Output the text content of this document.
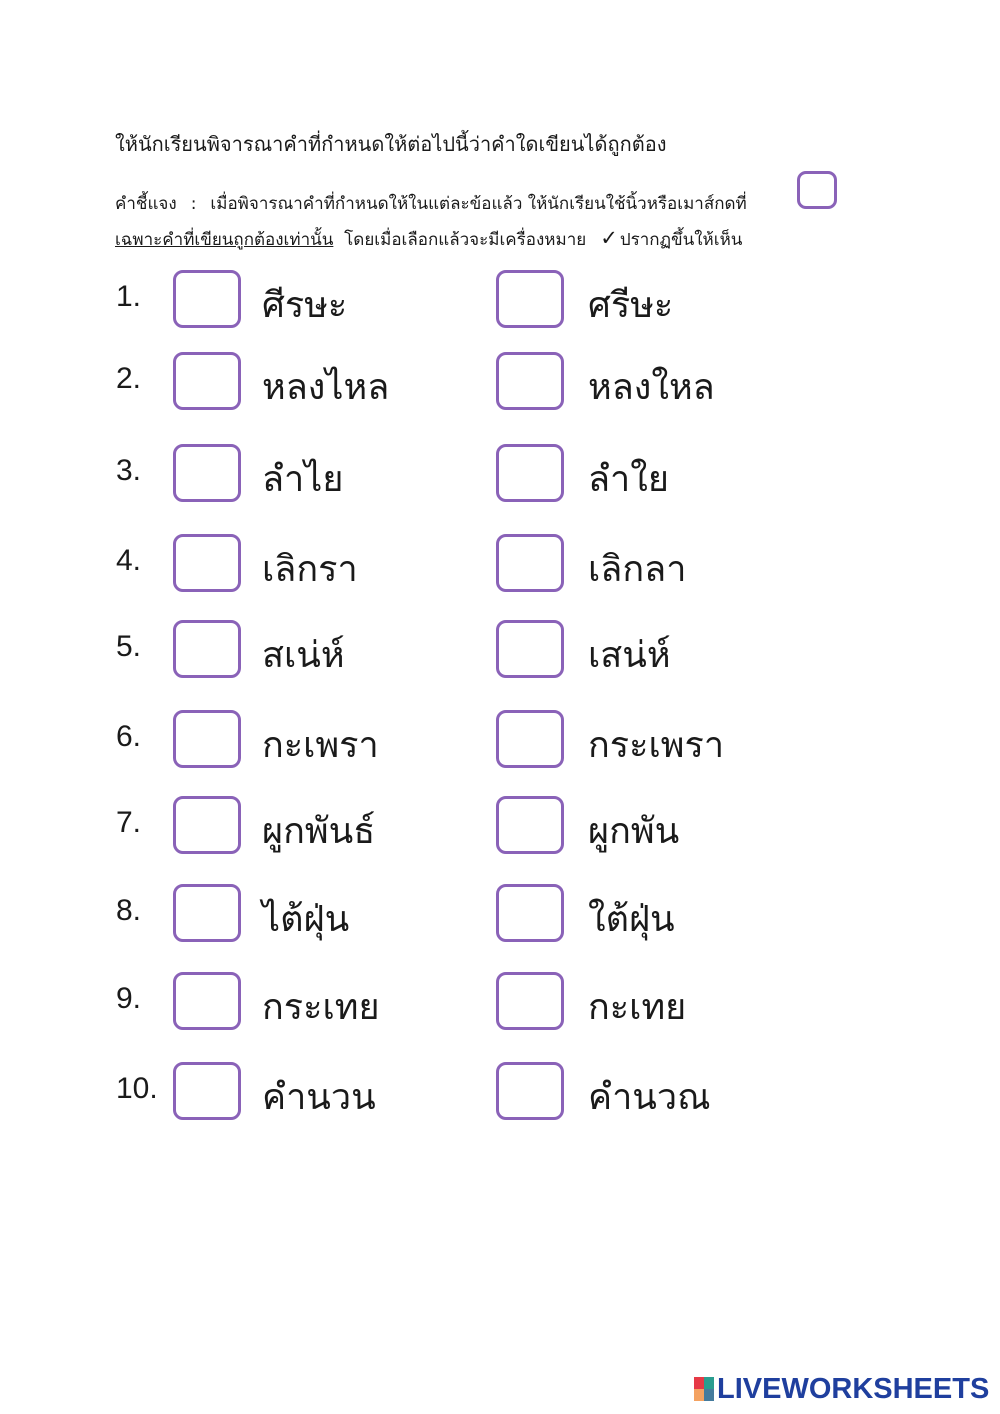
ให้นักเรียนพิจารณาคำที่กำหนดให้ต่อไปนี้ว่าคำใดเขียนได้ถูกต้อง
คำชี้แจง : เมื่อพิจารณาคำที่กำหนดให้ในแต่ละข้อแล้ว ให้นักเรียนใช้นิ้วหรือเมาส์กดที่
เฉพาะคำที่เขียนถูกต้องเท่านั้น โดยเมื่อเลือกแล้วจะมีเครื่องหมาย ✓ ปรากฏขึ้นให้เห็น
1.	ศีรษะ	ศรีษะ
2.	หลงไหล	หลงใหล
3.	ลำไย	ลำใย
4.	เลิกรา	เลิกลา
5.	สเน่ห์	เสน่ห์
6.	กะเพรา	กระเพรา
7.	ผูกพันธ์	ผูกพัน
8.	ไต้ฝุ่น	ใต้ฝุ่น
9.	กระเทย	กะเทย
10.	คำนวน	คำนวณ
LIVEWORKSHEETS
